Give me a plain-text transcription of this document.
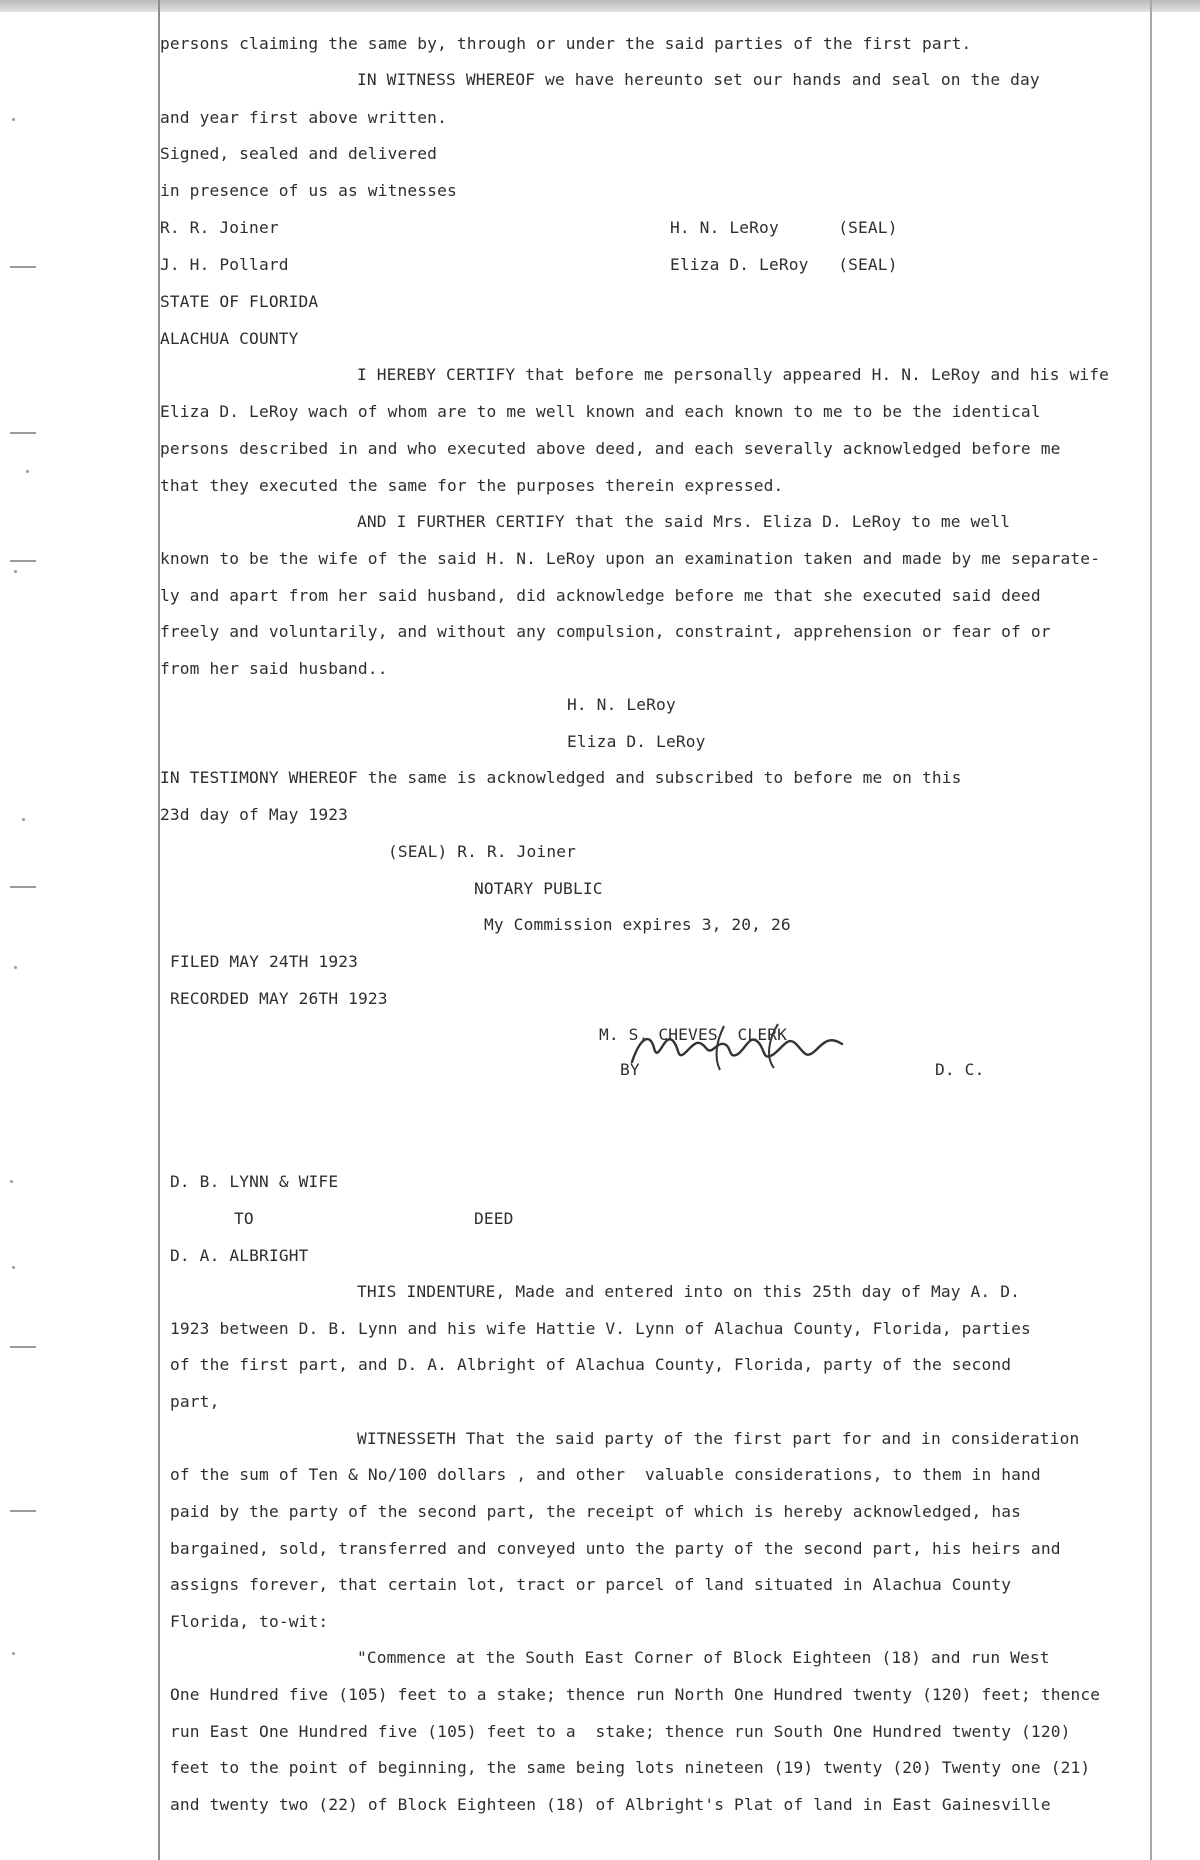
persons claiming the same by, through or under the said parties of the first part.
IN WITNESS WHEREOF we have hereunto set our hands and seal on the day
and year first above written.
Signed, sealed and delivered
in presence of us as witnesses
R. R. Joiner	H. N. LeRoy      (SEAL)
J. H. Pollard	Eliza D. LeRoy   (SEAL)
STATE OF FLORIDA
ALACHUA COUNTY
I HEREBY CERTIFY that before me personally appeared H. N. LeRoy and his wife
Eliza D. LeRoy wach of whom are to me well known and each known to me to be the identical
persons described in and who executed above deed, and each severally acknowledged before me
that they executed the same for the purposes therein expressed.
AND I FURTHER CERTIFY that the said Mrs. Eliza D. LeRoy to me well
known to be the wife of the said H. N. LeRoy upon an examination taken and made by me separate-
ly and apart from her said husband, did acknowledge before me that she executed said deed
freely and voluntarily, and without any compulsion, constraint, apprehension or fear of or
from her said husband..
H. N. LeRoy
Eliza D. LeRoy
IN TESTIMONY WHEREOF the same is acknowledged and subscribed to before me on this
23d day of May 1923
(SEAL) R. R. Joiner
NOTARY PUBLIC
My Commission expires 3, 20, 26
FILED MAY 24TH 1923
RECORDED MAY 26TH 1923
M. S. CHEVES  CLERK
BY	D. C.
D. B. LYNN & WIFE
TO	DEED
D. A. ALBRIGHT
THIS INDENTURE, Made and entered into on this 25th day of May A. D.
1923 between D. B. Lynn and his wife Hattie V. Lynn of Alachua County, Florida, parties
of the first part, and D. A. Albright of Alachua County, Florida, party of the second
part,
WITNESSETH That the said party of the first part for and in consideration
of the sum of Ten & No/100 dollars , and other  valuable considerations, to them in hand
paid by the party of the second part, the receipt of which is hereby acknowledged, has
bargained, sold, transferred and conveyed unto the party of the second part, his heirs and
assigns forever, that certain lot, tract or parcel of land situated in Alachua County
Florida, to-wit:
"Commence at the South East Corner of Block Eighteen (18) and run West
One Hundred five (105) feet to a stake; thence run North One Hundred twenty (120) feet; thence
run East One Hundred five (105) feet to a  stake; thence run South One Hundred twenty (120)
feet to the point of beginning, the same being lots nineteen (19) twenty (20) Twenty one (21)
and twenty two (22) of Block Eighteen (18) of Albright's Plat of land in East Gainesville
